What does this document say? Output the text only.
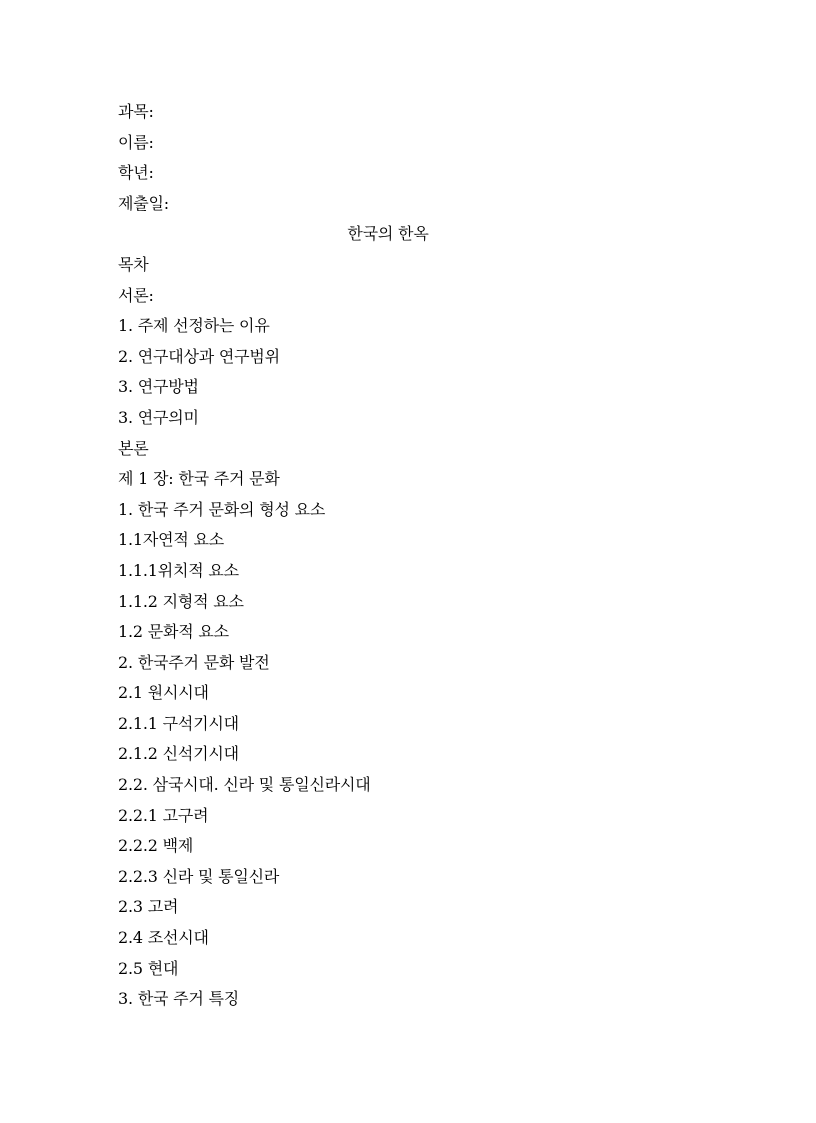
과목:
이름:
학년:
제출일:
한국의 한옥
목차
서론:
1. 주제 선정하는 이유
2. 연구대상과 연구범위
3. 연구방법
3. 연구의미
본론
제 1 장: 한국 주거 문화
1. 한국 주거 문화의 형성 요소
1.1자연적 요소
1.1.1위치적 요소
1.1.2 지형적 요소
1.2 문화적 요소
2. 한국주거 문화 발전
2.1 원시시대
2.1.1 구석기시대
2.1.2 신석기시대
2.2. 삼국시대. 신라 및 통일신라시대
2.2.1 고구려
2.2.2 백제
2.2.3 신라 및 통일신라
2.3 고려
2.4 조선시대
2.5 현대
3. 한국 주거 특징
